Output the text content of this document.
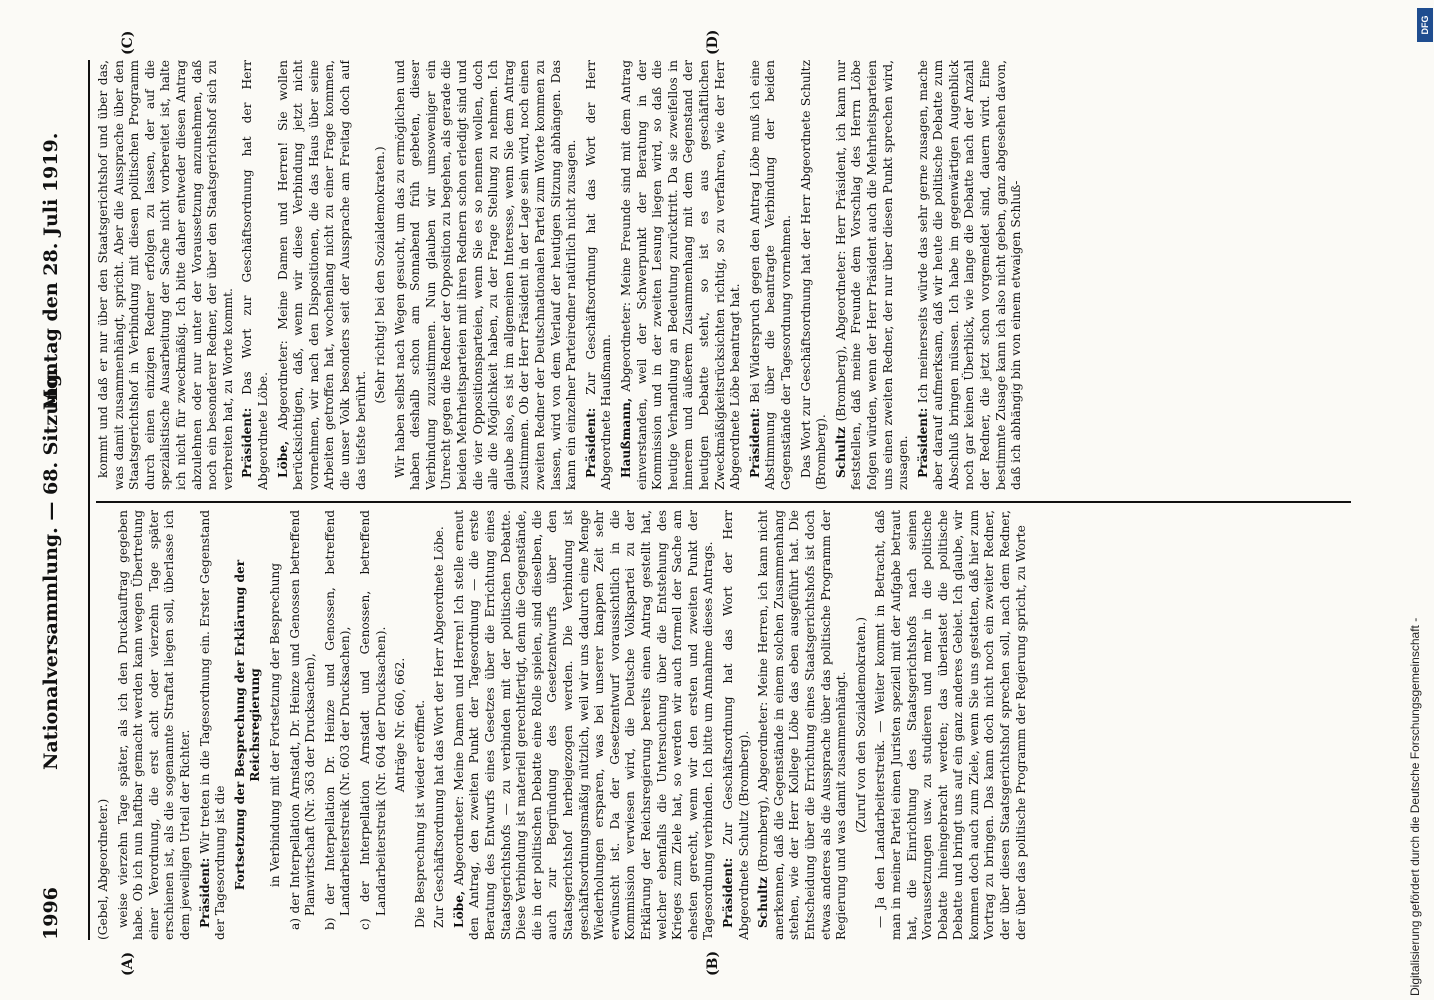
1996
Nationalversammlung. — 68. Sitzung.
Montag den 28. Juli 1919.
(A)	(B)
(C)	(D)

(Gebel, Abgeordneter.) weise vierzehn Tage später, als ich den Druckauftrag gegeben habe. Ob ich nun haftbar gemacht werden kann wegen Übertretung einer Verordnung, die erst acht oder vierzehn Tage später erschienen ist, als die sogenannte Straftat liegen soll, überlasse ich dem jeweiligen Urteil der Richter. Präsident: Wir treten in die Tagesordnung ein. Erster Gegenstand der Tagesordnung ist die Fortsetzung der Besprechung der Erklärung der Reichsregierung in Verbindung mit der Fortsetzung der Besprechung a) der Interpellation Arnstadt, Dr. Heinze und Genossen betreffend Planwirtschaft (Nr. 363 der Drucksachen), b) der Interpellation Dr. Heinze und Genossen, betreffend Landarbeiterstreik (Nr. 603 der Drucksachen), c) der Interpellation Arnstadt und Genossen, betreffend Landarbeiterstreik (Nr. 604 der Drucksachen). Anträge Nr. 660, 662. Die Besprechung ist wieder eröffnet. Zur Geschäftsordnung hat das Wort der Herr Abgeordnete Löbe. Löbe, Abgeordneter: Meine Damen und Herren! Ich stelle erneut den Antrag, den zweiten Punkt der Tagesordnung — die erste Beratung des Entwurfs eines Gesetzes über die Errichtung eines Staatsgerichtshofs — zu verbinden mit der politischen Debatte. Diese Verbindung ist materiell gerechtfertigt, denn die Gegenstände, die in der politischen Debatte eine Rolle spielen, sind dieselben, die auch zur Begründung des Gesetzentwurfs über den Staatsgerichtshof herbeigezogen werden. Die Verbindung ist geschäftsordnungsmäßig nützlich, weil wir uns dadurch eine Menge Wiederholungen ersparen, was bei unserer knappen Zeit sehr erwünscht ist. Da der Gesetzentwurf voraussichtlich in die Kommission verwiesen wird, die Deutsche Volkspartei zu der Erklärung der Reichsregierung bereits einen Antrag gestellt hat, welcher ebenfalls die Untersuchung über die Entstehung des Krieges zum Ziele hat, so werden wir auch formell der Sache am ehesten gerecht, wenn wir den ersten und zweiten Punkt der Tagesordnung verbinden. Ich bitte um Annahme dieses Antrags. Präsident: Zur Geschäftsordnung hat das Wort der Herr Abgeordnete Schultz (Bromberg). Schultz (Bromberg), Abgeordneter: Meine Herren, ich kann nicht anerkennen, daß die Gegenstände in einem solchen Zusammenhang stehen, wie der Herr Kollege Löbe das eben ausgeführt hat. Die Entscheidung über die Errichtung eines Staatsgerichtshofs ist doch etwas anderes als die Aussprache über das politische Programm der Regierung und was damit zusammenhängt. (Zuruf von den Sozialdemokraten.) — Ja den Landarbeiterstreik. — Weiter kommt in Betracht, daß man in meiner Partei einen Juristen speziell mit der Aufgabe betraut hat, die Einrichtung des Staatsgerichtshofs nach seinen Voraussetzungen usw. zu studieren und mehr in die politische Debatte hineingebracht werden; das überlastet die politische Debatte und bringt uns auf ein ganz anderes Gebiet. Ich glaube, wir kommen doch auch zum Ziele, wenn Sie uns gestatten, daß hier zum Vortrag zu bringen. Das kann doch nicht noch ein zweiter Redner, der über diesen Staatsgerichtshof sprechen soll, nach dem Redner, der über das politische Programm der Regierung spricht, zu Worte

kommt und daß er nur über den Staatsgerichtshof und über das, was damit zusammenhängt, spricht. Aber die Aussprache über den Staatsgerichtshof in Verbindung mit diesen politischen Programm durch einen einzigen Redner erfolgen zu lassen, der auf die spezialistische Ausarbeitung der Sache nicht vorbereitet ist, halte ich nicht für zweckmäßig. Ich bitte daher entweder diesen Antrag abzulehnen oder nur unter der Voraussetzung anzunehmen, daß noch ein besonderer Redner, der über den Staatsgerichtshof sich zu verbreiten hat, zu Worte kommt. Präsident: Das Wort zur Geschäftsordnung hat der Herr Abgeordnete Löbe. Löbe, Abgeordneter: Meine Damen und Herren! Sie wollen berücksichtigen, daß, wenn wir diese Verbindung jetzt nicht vornehmen, wir nach den Dispositionen, die das Haus über seine Arbeiten getroffen hat, wochenlang nicht zu einer Frage kommen, die unser Volk besonders seit der Aussprache am Freitag doch auf das tiefste berührt.

(Sehr richtig! bei den Sozialdemokraten.) Wir haben selbst nach Wegen gesucht, um das zu ermöglichen und haben deshalb schon am Sonnabend früh gebeten, dieser Verbindung zuzustimmen. Nun glauben wir umsoweniger ein Unrecht gegen die Redner der Opposition zu begehen, als gerade die beiden Mehrheitsparteien mit ihren Rednern schon erledigt sind und die vier Oppositionsparteien, wenn Sie es so nennen wollen, doch alle die Möglichkeit haben, zu der Frage Stellung zu nehmen. Ich glaube also, es ist im allgemeinen Interesse, wenn Sie dem Antrag zustimmen. Ob der Herr Präsident in der Lage sein wird, noch einen zweiten Redner der Deutschnationalen Partei zum Worte kommen zu lassen, wird von dem Verlauf der heutigen Sitzung abhängen. Das kann ein einzelner Parteiredner natürlich nicht zusagen. Präsident: Zur Geschäftsordnung hat das Wort der Herr Abgeordnete Haußmann. Haußmann, Abgeordneter: Meine Freunde sind mit dem Antrag einverstanden, weil der Schwerpunkt der Beratung in der Kommission und in der zweiten Lesung liegen wird, so daß die heutige Verhandlung an Bedeutung zurücktritt. Da sie zweifellos in innerem und äußerem Zusammenhang mit dem Gegenstand der heutigen Debatte steht, so ist es aus geschäftlichen Zweckmäßigkeitsrücksichten richtig, so zu verfahren, wie der Herr Abgeordnete Löbe beantragt hat. Präsident: Bei Widerspruch gegen den Antrag Löbe muß ich eine Abstimmung über die beantragte Verbindung der beiden Gegenstände der Tagesordnung vornehmen. Das Wort zur Geschäftsordnung hat der Herr Abgeordnete Schultz (Bromberg). Schultz (Bromberg), Abgeordneter: Herr Präsident, ich kann nur feststellen, daß meine Freunde dem Vorschlag des Herrn Löbe folgen würden, wenn der Herr Präsident auch die Mehrheitsparteien uns einen zweiten Redner, der nur über diesen Punkt sprechen wird, zusagen. Präsident: Ich meinerseits würde das sehr gerne zusagen, mache aber darauf aufmerksam, daß wir heute die politische Debatte zum Abschluß bringen müssen. Ich habe im gegenwärtigen Augenblick noch gar keinen Überblick, wie lange die Debatte nach der Anzahl der Redner, die jetzt schon vorgemeldet sind, dauern wird. Eine bestimmte Zusage kann ich also nicht geben, ganz abgesehen davon, daß ich abhängig bin von einem etwaigen Schluß-

Digitalisierung gefördert durch die Deutsche Forschungsgemeinschaft -
DFG
